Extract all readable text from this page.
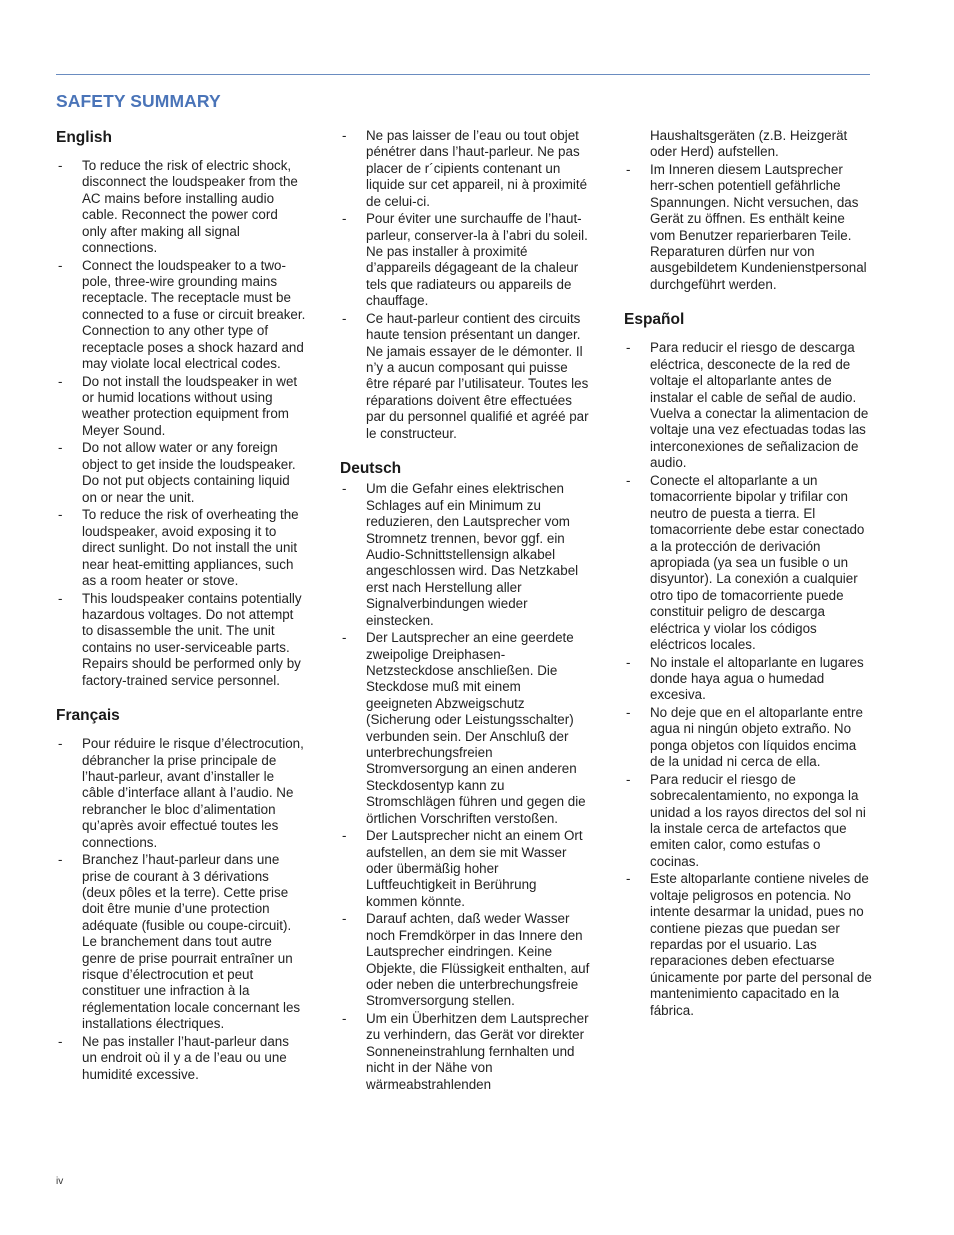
SAFETY SUMMARY
English
- To reduce the risk of electric shock, disconnect the loudspeaker from the AC mains before installing audio cable. Reconnect the power cord only after making all signal connections.
- Connect the loudspeaker to a two-pole, three-wire grounding mains receptacle. The receptacle must be connected to a fuse or circuit breaker. Connection to any other type of receptacle poses a shock hazard and may violate local electrical codes.
- Do not install the loudspeaker in wet or humid locations without using weather protection equipment from Meyer Sound.
- Do not allow water or any foreign object to get inside the loudspeaker. Do not put objects containing liquid on or near the unit.
- To reduce the risk of overheating the loudspeaker, avoid exposing it to direct sunlight. Do not install the unit near heat-emitting appliances, such as a room heater or stove.
- This loudspeaker contains potentially hazardous voltages. Do not attempt to disassemble the unit. The unit contains no user-serviceable parts. Repairs should be performed only by factory-trained service personnel.
Français
- Pour réduire le risque d’électrocution, débrancher la prise principale de l’haut-parleur, avant d’installer le câble d’interface allant à l’audio. Ne rebrancher le bloc d’alimentation qu’après avoir effectué toutes les connections.
- Branchez l’haut-parleur dans une prise de courant à 3 dérivations (deux pôles et la terre). Cette prise doit être munie d’une protection adéquate (fusible ou coupe-circuit). Le branchement dans tout autre genre de prise pourrait entraîner un risque d’électrocution et peut constituer une infraction à la réglementation locale concernant les installations électriques.
- Ne pas installer l’haut-parleur dans un endroit où il y a de l’eau ou une humidité excessive.
- Ne pas laisser de l’eau ou tout objet pénétrer dans l’haut-parleur. Ne pas placer de r´cipients contenant un liquide sur cet appareil, ni à proximité de celui-ci.
- Pour éviter une surchauffe de l’haut-parleur, conserver-la à l’abri du soleil. Ne pas installer à proximité d’appareils dégageant de la chaleur tels que radiateurs ou appareils de chauffage.
- Ce haut-parleur contient des circuits haute tension présentant un danger. Ne jamais essayer de le démonter. Il n’y a aucun composant qui puisse être réparé par l’utilisateur. Toutes les réparations doivent être effectuées par du personnel qualifié et agréé par le constructeur.
Deutsch
- Um die Gefahr eines elektrischen Schlages auf ein Minimum zu reduzieren, den Lautsprecher vom Stromnetz trennen, bevor ggf. ein Audio-Schnittstellensign alkabel angeschlossen wird. Das Netzkabel erst nach Herstellung aller Signalverbindungen wieder einstecken.
- Der Lautsprecher an eine geerdete zweipolige Dreiphasen-Netzsteckdose anschließen. Die Steckdose muß mit einem geeigneten Abzweigschutz (Sicherung oder Leistungsschalter) verbunden sein. Der Anschluß der unterbrechungsfreien Stromversorgung an einen anderen Steckdosentyp kann zu Stromschlägen führen und gegen die örtlichen Vorschriften verstoßen.
- Der Lautsprecher nicht an einem Ort aufstellen, an dem sie mit Wasser oder übermäßig hoher Luftfeuchtigkeit in Berührung kommen könnte.
- Darauf achten, daß weder Wasser noch Fremdkörper in das Innere den Lautsprecher eindringen. Keine Objekte, die Flüssigkeit enthalten, auf oder neben die unterbrechungsfreie Stromversorgung stellen.
- Um ein Überhitzen dem Lautsprecher zu verhindern, das Gerät vor direkter Sonneneinstrahlung fernhalten und nicht in der Nähe von wärmeabstrahlenden
Haushaltsgeräten (z.B. Heizgerät oder Herd) aufstellen.
- Im Inneren diesem Lautsprecher herr-schen potentiell gefährliche Spannungen. Nicht versuchen, das Gerät zu öffnen. Es enthält keine vom Benutzer reparierbaren Teile. Reparaturen dürfen nur von ausgebildetem Kundenienstpersonal durchgeführt werden.
Español
- Para reducir el riesgo de descarga eléctrica, desconecte de la red de voltaje el altoparlante antes de instalar el cable de señal de audio. Vuelva a conectar la alimentacion de voltaje una vez efectuadas todas las interconexiones de señalizacion de audio.
- Conecte el altoparlante a un tomacorriente bipolar y trifilar con neutro de puesta a tierra. El tomacorriente debe estar conectado a la protección de derivación apropiada (ya sea un fusible o un disyuntor). La conexión a cualquier otro tipo de tomacorriente puede constituir peligro de descarga eléctrica y violar los códigos eléctricos locales.
- No instale el altoparlante en lugares donde haya agua o humedad excesiva.
- No deje que en el altoparlante entre agua ni ningún objeto extraño. No ponga objetos con líquidos encima de la unidad ni cerca de ella.
- Para reducir el riesgo de sobrecalentamiento, no exponga la unidad a los rayos directos del sol ni la instale cerca de artefactos que emiten calor, como estufas o cocinas.
- Este altoparlante contiene niveles de voltaje peligrosos en potencia. No intente desarmar la unidad, pues no contiene piezas que puedan ser repardas por el usuario. Las reparaciones deben efectuarse únicamente por parte del personal de mantenimiento capacitado en la fábrica.
iv
